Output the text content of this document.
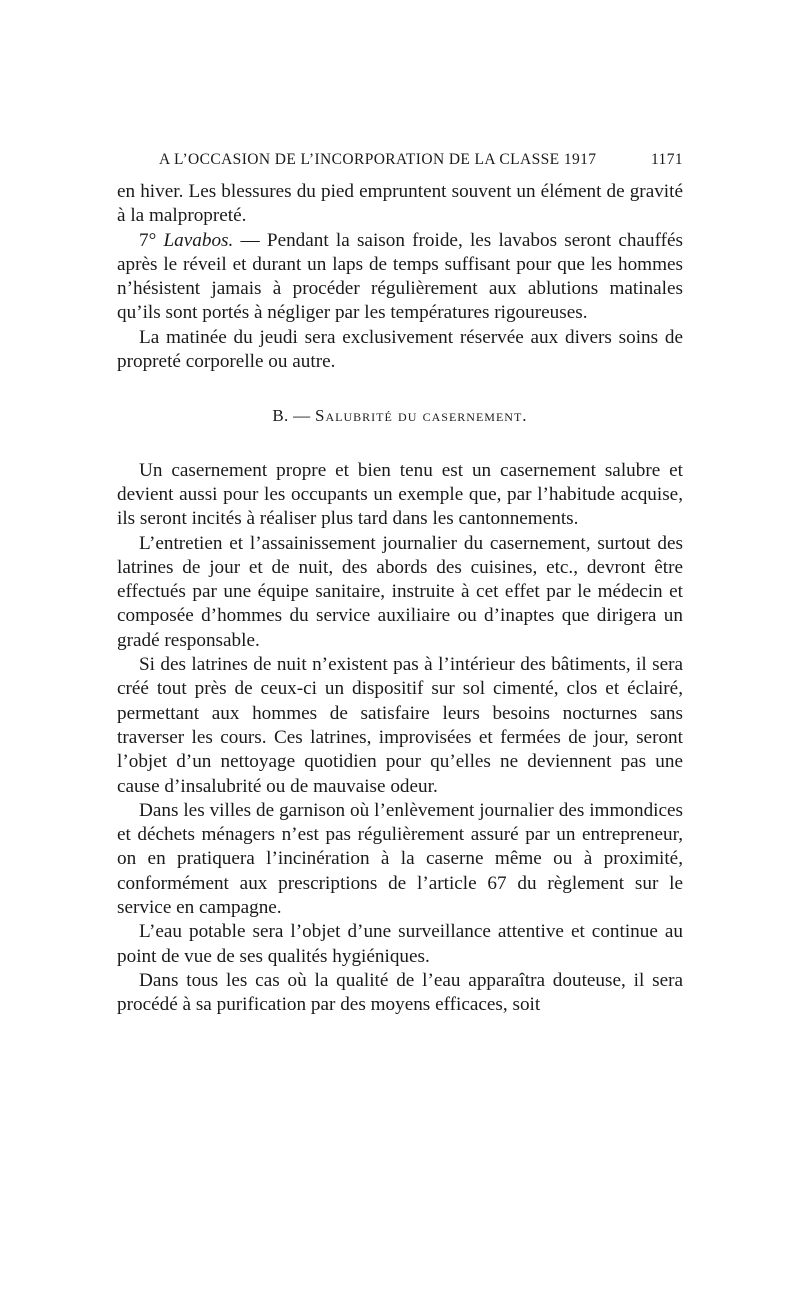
A L’OCCASION DE L’INCORPORATION DE LA CLASSE 1917	1171

en hiver. Les blessures du pied empruntent souvent un élément de gravité à la malpropreté.

7° Lavabos. — Pendant la saison froide, les lavabos seront chauffés après le réveil et durant un laps de temps suffisant pour que les hommes n’hésistent jamais à procéder régulièrement aux ablutions matinales qu’ils sont portés à négliger par les températures rigoureuses.

La matinée du jeudi sera exclusivement réservée aux divers soins de propreté corporelle ou autre.

B. — Salubrité du casernement.

Un casernement propre et bien tenu est un casernement salubre et devient aussi pour les occupants un exemple que, par l’habitude acquise, ils seront incités à réaliser plus tard dans les cantonnements.

L’entretien et l’assainissement journalier du casernement, surtout des latrines de jour et de nuit, des abords des cuisines, etc., devront être effectués par une équipe sanitaire, instruite à cet effet par le médecin et composée d’hommes du service auxiliaire ou d’inaptes que dirigera un gradé responsable.

Si des latrines de nuit n’existent pas à l’intérieur des bâtiments, il sera créé tout près de ceux-ci un dispositif sur sol cimenté, clos et éclairé, permettant aux hommes de satisfaire leurs besoins nocturnes sans traverser les cours. Ces latrines, improvisées et fermées de jour, seront l’objet d’un nettoyage quotidien pour qu’elles ne deviennent pas une cause d’insalubrité ou de mauvaise odeur.

Dans les villes de garnison où l’enlèvement journalier des immondices et déchets ménagers n’est pas régulièrement assuré par un entrepreneur, on en pratiquera l’incinération à la caserne même ou à proximité, conformément aux prescriptions de l’article 67 du règlement sur le service en campagne.

L’eau potable sera l’objet d’une surveillance attentive et continue au point de vue de ses qualités hygiéniques.

Dans tous les cas où la qualité de l’eau apparaîtra douteuse, il sera procédé à sa purification par des moyens efficaces, soit
